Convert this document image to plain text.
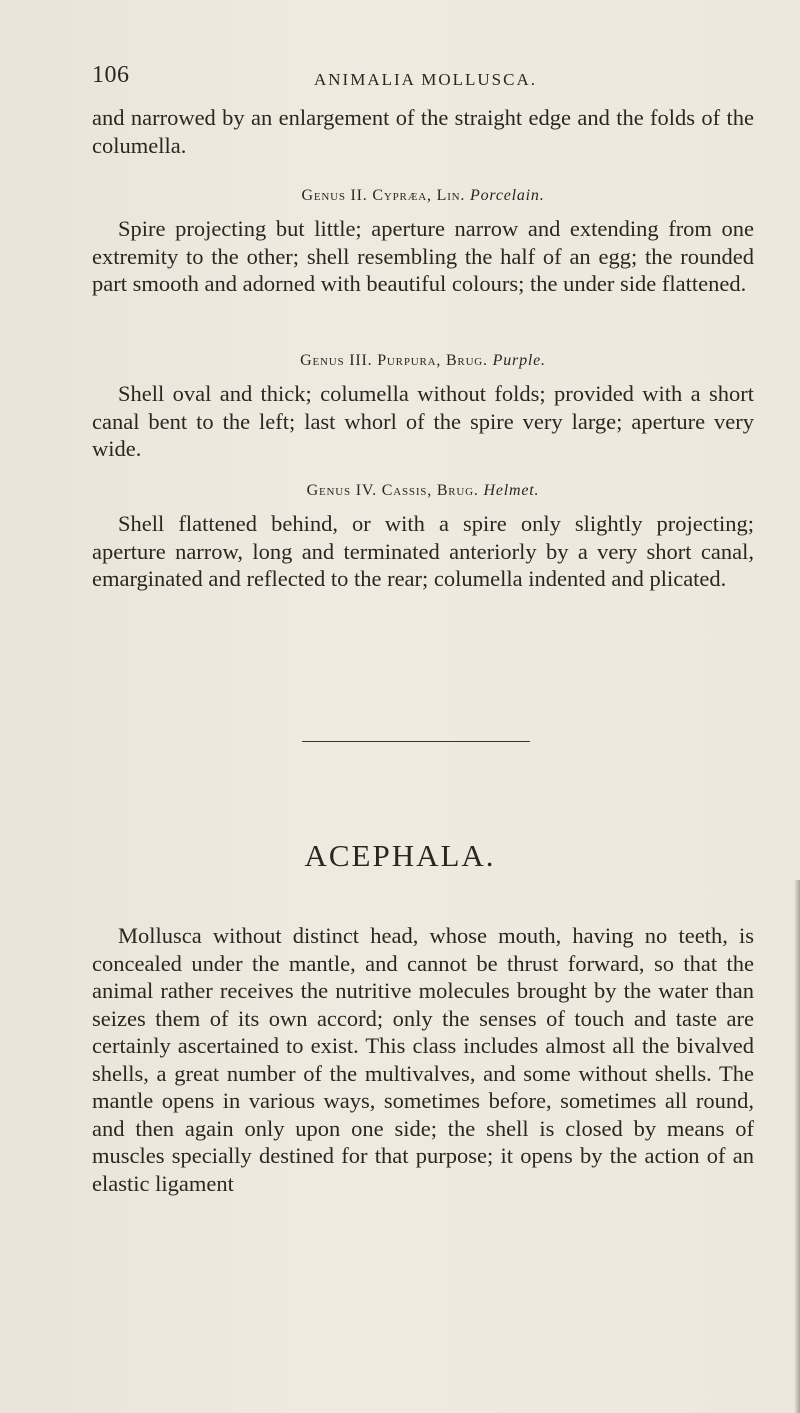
106	ANIMALIA MOLLUSCA.

and narrowed by an enlargement of the straight edge and the folds of the columella.

Genus II. Cypræa, Lin. Porcelain.

Spire projecting but little; aperture narrow and extending from one extremity to the other; shell resembling the half of an egg; the rounded part smooth and adorned with beautiful colours; the under side flattened.

Genus III. Purpura, Brug. Purple.

Shell oval and thick; columella without folds; provided with a short canal bent to the left; last whorl of the spire very large; aperture very wide.

Genus IV. Cassis, Brug. Helmet.

Shell flattened behind, or with a spire only slightly projecting; aperture narrow, long and terminated anteriorly by a very short canal, emarginated and reflected to the rear; columella indented and plicated.

ACEPHALA.

Mollusca without distinct head, whose mouth, having no teeth, is concealed under the mantle, and cannot be thrust forward, so that the animal rather receives the nutritive molecules brought by the water than seizes them of its own accord; only the senses of touch and taste are certainly ascertained to exist. This class includes almost all the bivalved shells, a great number of the multivalves, and some without shells. The mantle opens in various ways, sometimes before, sometimes all round, and then again only upon one side; the shell is closed by means of muscles specially destined for that purpose; it opens by the action of an elastic ligament
